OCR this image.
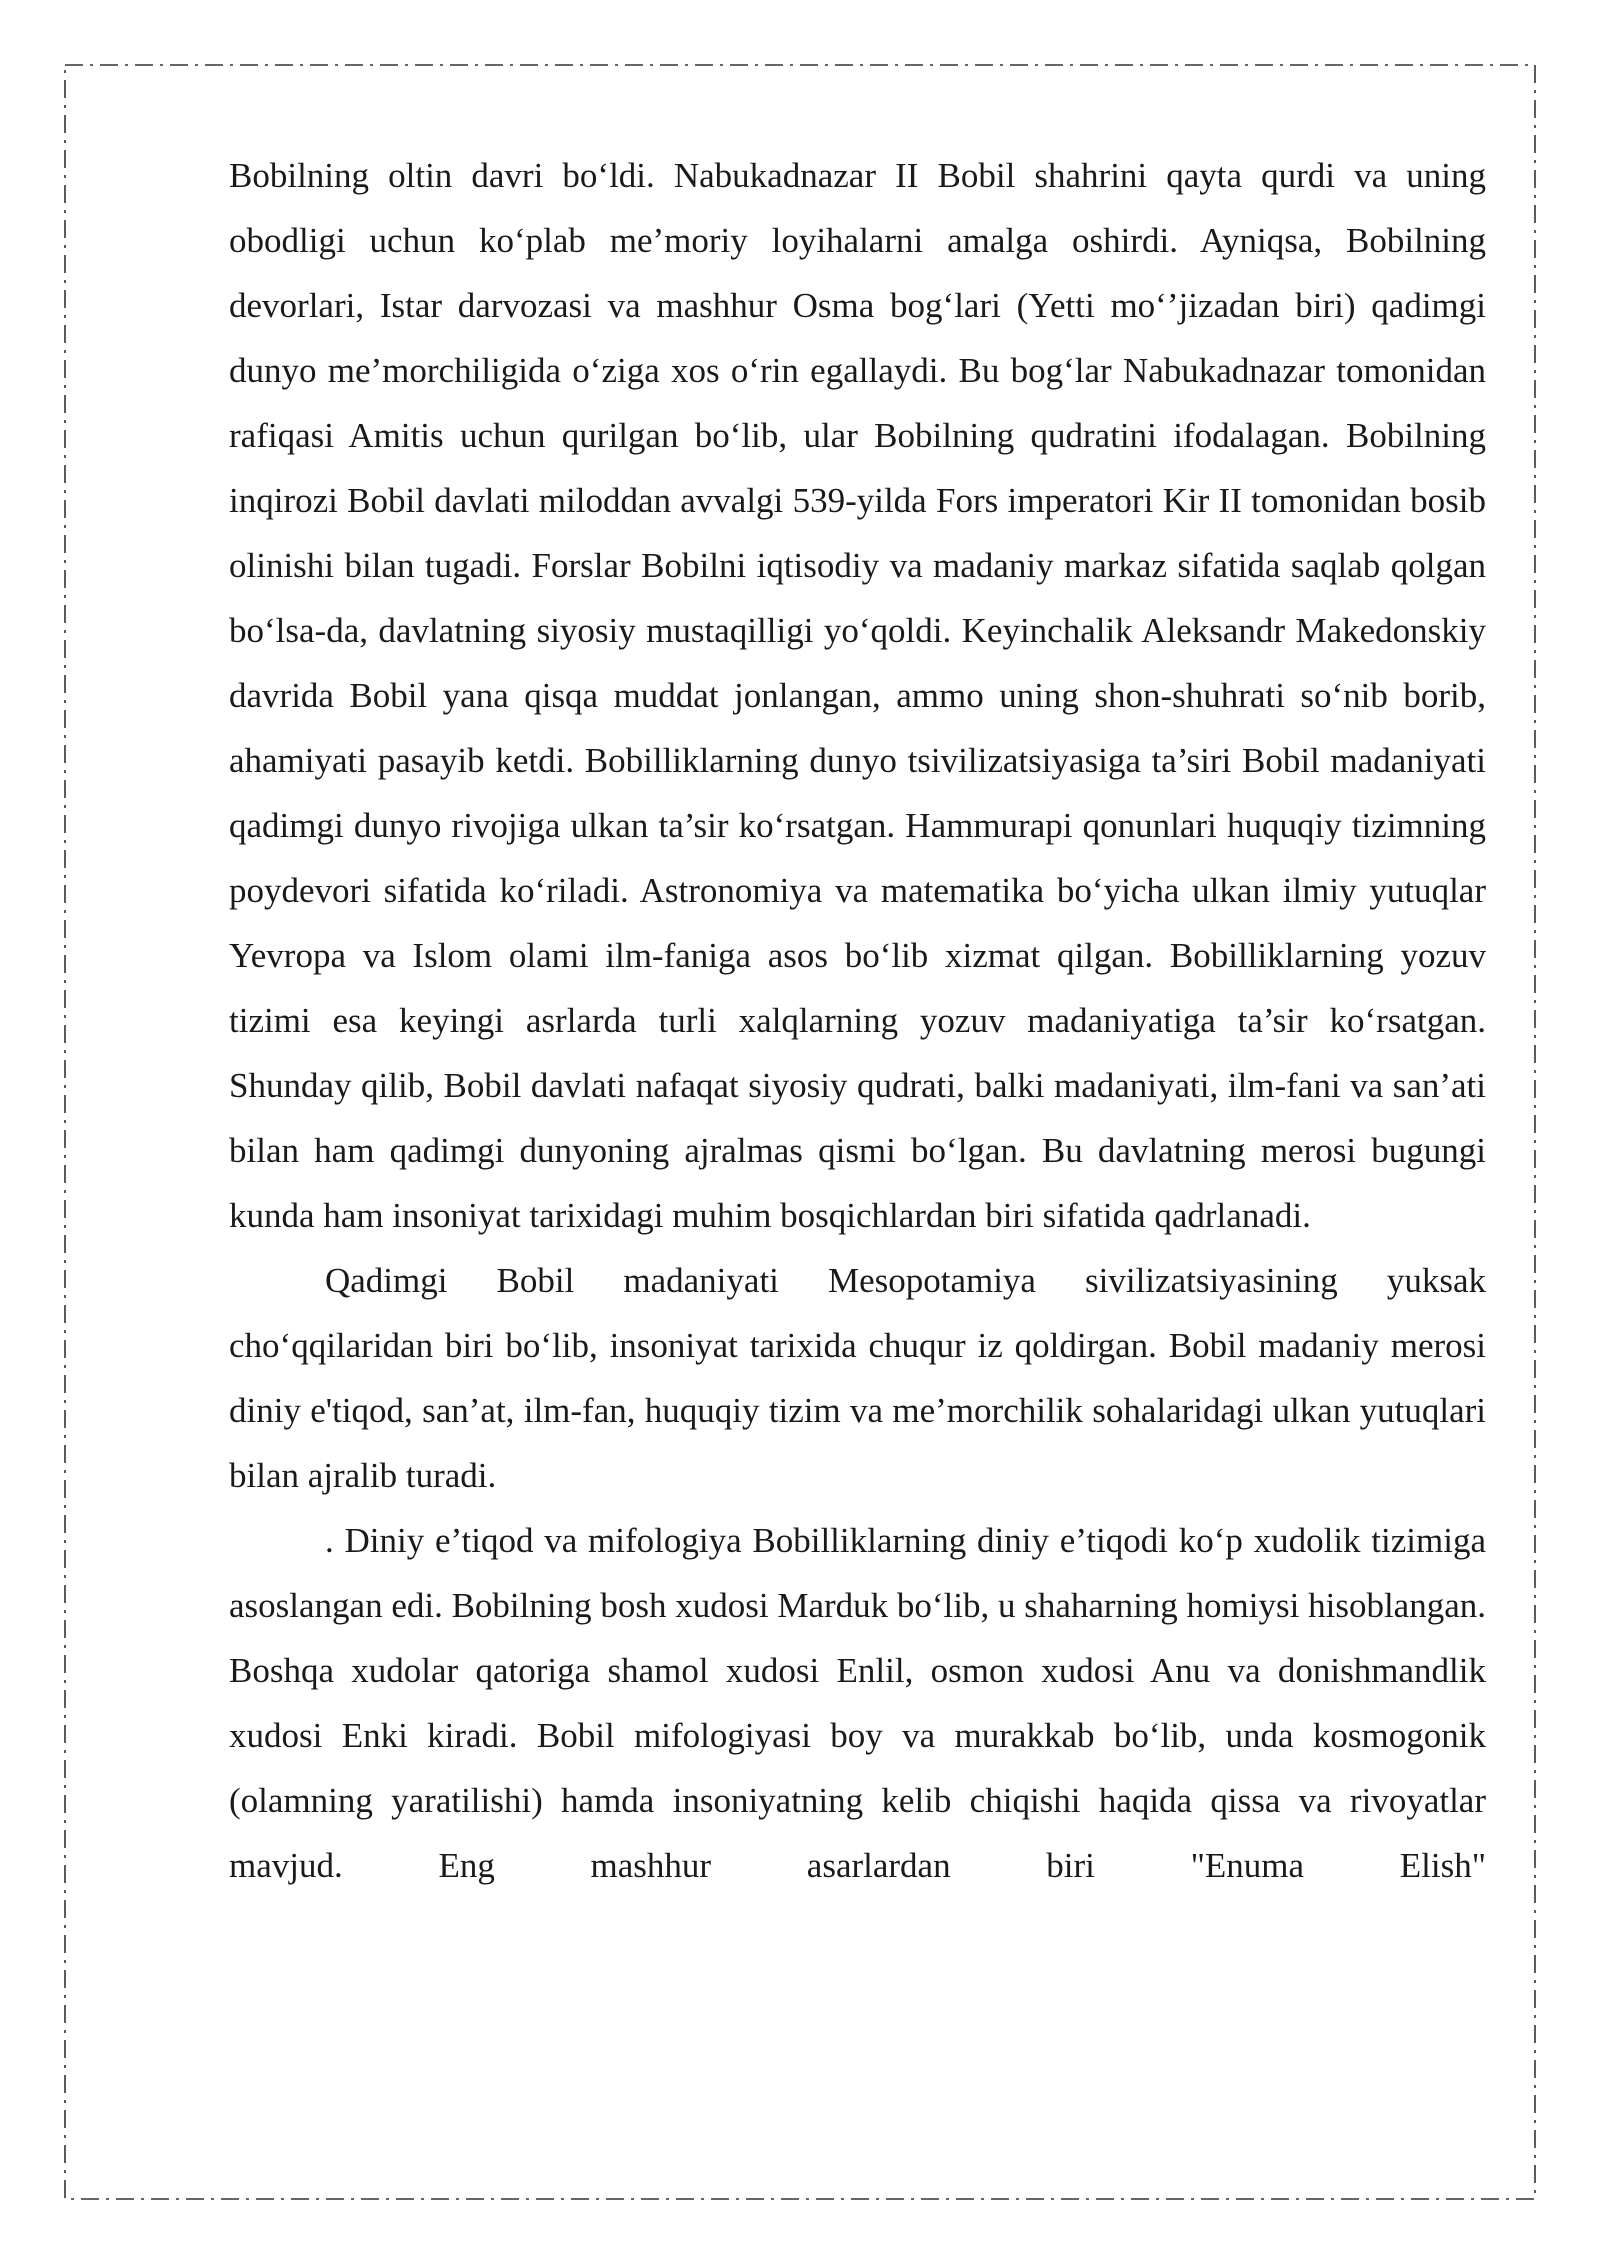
Bobilning oltin davri bo‘ldi. Nabukadnazar II Bobil shahrini qayta qurdi va uning obodligi uchun ko‘plab me’moriy loyihalarni amalga oshirdi. Ayniqsa, Bobilning devorlari, Istar darvozasi va mashhur Osma bog‘lari (Yetti mo‘’jizadan biri) qadimgi dunyo me’morchiligida o‘ziga xos o‘rin egallaydi. Bu bog‘lar Nabukadnazar tomonidan rafiqasi Amitis uchun qurilgan bo‘lib, ular Bobilning qudratini ifodalagan. Bobilning inqirozi Bobil davlati miloddan avvalgi 539-yilda Fors imperatori Kir II tomonidan bosib olinishi bilan tugadi. Forslar Bobilni iqtisodiy va madaniy markaz sifatida saqlab qolgan bo‘lsa-da, davlatning siyosiy mustaqilligi yo‘qoldi. Keyinchalik Aleksandr Makedonskiy davrida Bobil yana qisqa muddat jonlangan, ammo uning shon-shuhrati so‘nib borib, ahamiyati pasayib ketdi. Bobilliklarning dunyo tsivilizatsiyasiga ta’siri Bobil madaniyati qadimgi dunyo rivojiga ulkan ta’sir ko‘rsatgan. Hammurapi qonunlari huquqiy tizimning poydevori sifatida ko‘riladi. Astronomiya va matematika bo‘yicha ulkan ilmiy yutuqlar Yevropa va Islom olami ilm-faniga asos bo‘lib xizmat qilgan. Bobilliklarning yozuv tizimi esa keyingi asrlarda turli xalqlarning yozuv madaniyatiga ta’sir ko‘rsatgan. Shunday qilib, Bobil davlati nafaqat siyosiy qudrati, balki madaniyati, ilm-fani va san’ati bilan ham qadimgi dunyoning ajralmas qismi bo‘lgan. Bu davlatning merosi bugungi kunda ham insoniyat tarixidagi muhim bosqichlardan biri sifatida qadrlanadi.

Qadimgi Bobil madaniyati Mesopotamiya sivilizatsiyasining yuksak cho‘qqilaridan biri bo‘lib, insoniyat tarixida chuqur iz qoldirgan. Bobil madaniy merosi diniy e'tiqod, san’at, ilm-fan, huquqiy tizim va me’morchilik sohalaridagi ulkan yutuqlari bilan ajralib turadi.

. Diniy e’tiqod va mifologiya Bobilliklarning diniy e’tiqodi ko‘p xudolik tizimiga asoslangan edi. Bobilning bosh xudosi Marduk bo‘lib, u shaharning homiysi hisoblangan. Boshqa xudolar qatoriga shamol xudosi Enlil, osmon xudosi Anu va donishmandlik xudosi Enki kiradi. Bobil mifologiyasi boy va murakkab bo‘lib, unda kosmogonik (olamning yaratilishi) hamda insoniyatning kelib chiqishi haqida qissa va rivoyatlar mavjud. Eng mashhur asarlardan biri "Enuma Elish"
